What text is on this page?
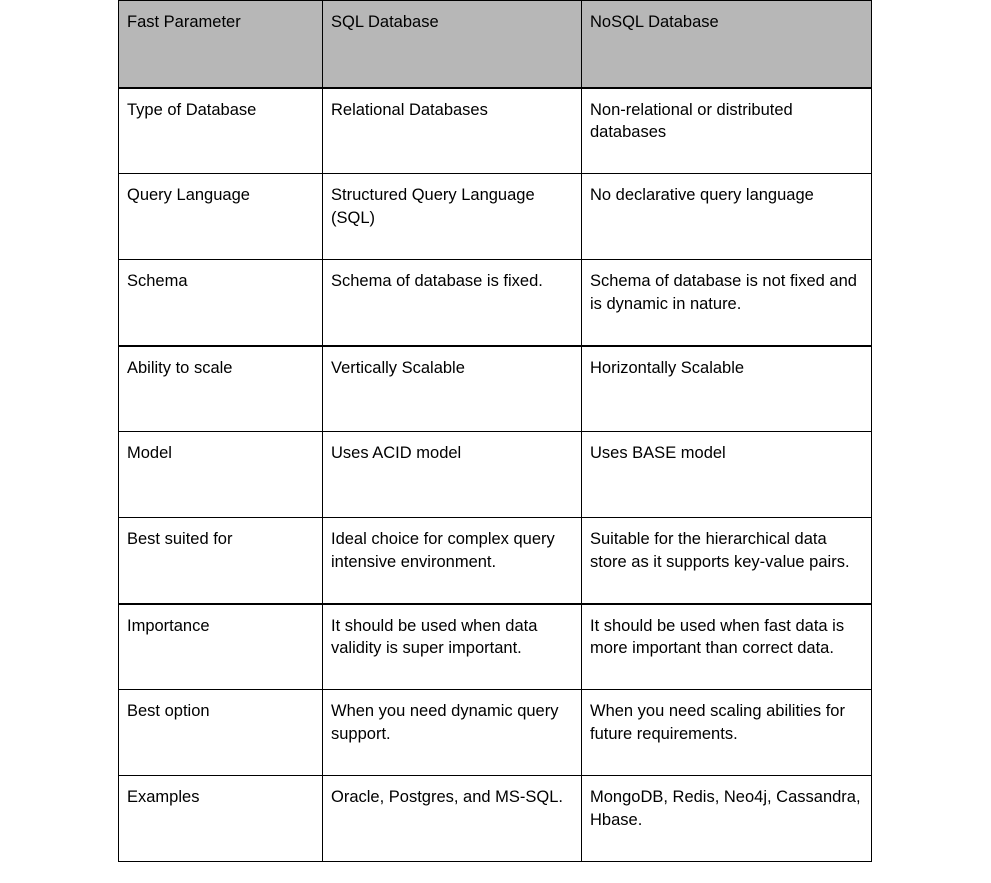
Fast Parameter	SQL Database	NoSQL Database
Type of Database	Relational Databases	Non-relational or distributed databases
Query Language	Structured Query Language (SQL)	No declarative query language
Schema	Schema of database is fixed.	Schema of database is not fixed and is dynamic in nature.
Ability to scale	Vertically Scalable	Horizontally Scalable
Model	Uses ACID model	Uses BASE model
Best suited for	Ideal choice for complex query intensive environment.	Suitable for the hierarchical data store as it supports key-value pairs.
Importance	It should be used when data validity is super important.	It should be used when fast data is more important than correct data.
Best option	When you need dynamic query support.	When you need scaling abilities for future requirements.
Examples	Oracle, Postgres, and MS-SQL.	MongoDB, Redis, Neo4j, Cassandra, Hbase.
